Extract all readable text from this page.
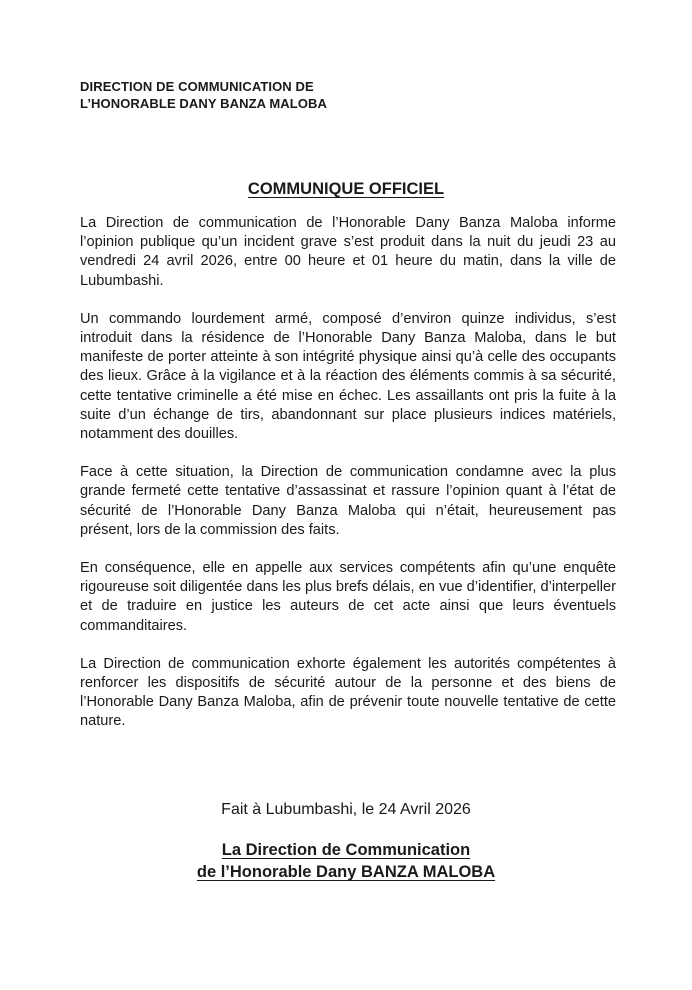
DIRECTION DE COMMUNICATION DE
L’HONORABLE DANY BANZA MALOBA
COMMUNIQUE OFFICIEL

La Direction de communication de l’Honorable Dany Banza Maloba informe l’opinion publique qu’un incident grave s’est produit dans la nuit du jeudi 23 au vendredi 24 avril 2026, entre 00 heure et 01 heure du matin, dans la ville de Lubumbashi.

Un commando lourdement armé, composé d’environ quinze individus, s’est introduit dans la résidence de l’Honorable Dany Banza Maloba, dans le but manifeste de porter atteinte à son intégrité physique ainsi qu’à celle des occupants des lieux. Grâce à la vigilance et à la réaction des éléments commis à sa sécurité, cette tentative criminelle a été mise en échec. Les assaillants ont pris la fuite à la suite d’un échange de tirs, abandonnant sur place plusieurs indices matériels, notamment des douilles.

Face à cette situation, la Direction de communication condamne avec la plus grande fermeté cette tentative d’assassinat et rassure l’opinion quant à l’état de sécurité de l’Honorable Dany Banza Maloba qui n’était, heureusement pas présent, lors de la commission des faits.

En conséquence, elle en appelle aux services compétents afin qu’une enquête rigoureuse soit diligentée dans les plus brefs délais, en vue d’identifier, d’interpeller et de traduire en justice les auteurs de cet acte ainsi que leurs éventuels commanditaires.

La Direction de communication exhorte également les autorités compétentes à renforcer les dispositifs de sécurité autour de la personne et des biens de l’Honorable Dany Banza Maloba, afin de prévenir toute nouvelle tentative de cette nature.

Fait à Lubumbashi, le 24 Avril 2026
La Direction de Communication
de l’Honorable Dany BANZA MALOBA
